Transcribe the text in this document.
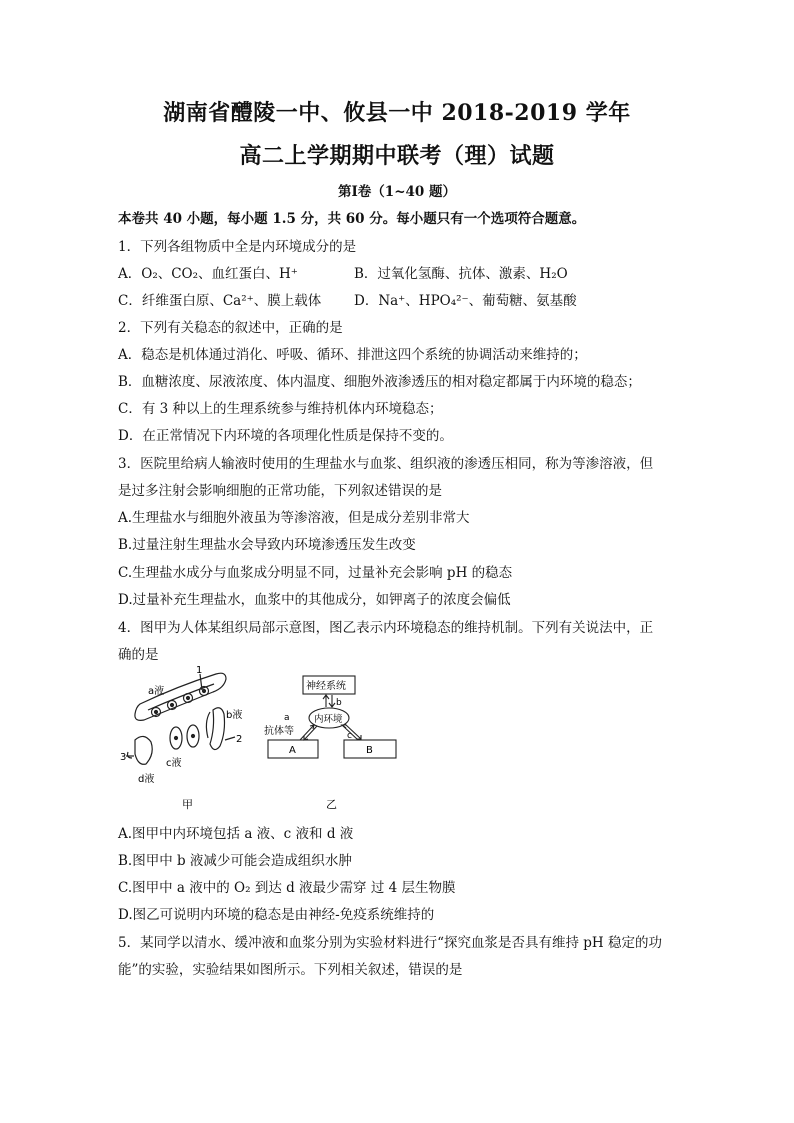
湖南省醴陵一中、攸县一中 2018-2019 学年
高二上学期期中联考（理）试题
第Ⅰ卷（1~40 题）
本卷共 40 小题，每小题 1.5 分，共 60 分。每小题只有一个选项符合题意。
1．下列各组物质中全是内环境成分的是
A．O₂、CO₂、血红蛋白、H⁺	B．过氧化氢酶、抗体、激素、H₂O
C．纤维蛋白原、Ca²⁺、膜上载体 D．Na⁺、HPO₄²⁻、葡萄糖、氨基酸
2．下列有关稳态的叙述中，正确的是
A．稳态是机体通过消化、呼吸、循环、排泄这四个系统的协调活动来维持的；
B．血糖浓度、尿液浓度、体内温度、细胞外液渗透压的相对稳定都属于内环境的稳态；
C．有 3 种以上的生理系统参与维持机体内环境稳态；
D．在正常情况下内环境的各项理化性质是保持不变的。
3．医院里给病人输液时使用的生理盐水与血浆、组织液的渗透压相同，称为等渗溶液，但
是过多注射会影响细胞的正常功能，下列叙述错误的是
A.生理盐水与细胞外液虽为等渗溶液，但是成分差别非常大
B.过量注射生理盐水会导致内环境渗透压发生改变
C.生理盐水成分与血浆成分明显不同，过量补充会影响 pH 的稳态
D.过量补充生理盐水，血浆中的其他成分，如钾离子的浓度会偏低
4．图甲为人体某组织局部示意图，图乙表示内环境稳态的维持机制。下列有关说法中，正
确的是
a液
1
b液
2
3
c液
d液
甲
神经系统
b
内环境
a
抗体等	c
A	B
乙
A.图甲中内环境包括 a 液、c 液和 d 液
B.图甲中 b 液减少可能会造成组织水肿
C.图甲中 a 液中的 O₂ 到达 d 液最少需穿 过 4 层生物膜
D.图乙可说明内环境的稳态是由神经-免疫系统维持的
5．某同学以清水、缓冲液和血浆分别为实验材料进行“探究血浆是否具有维持 pH 稳定的功
能”的实验，实验结果如图所示。下列相关叙述，错误的是
